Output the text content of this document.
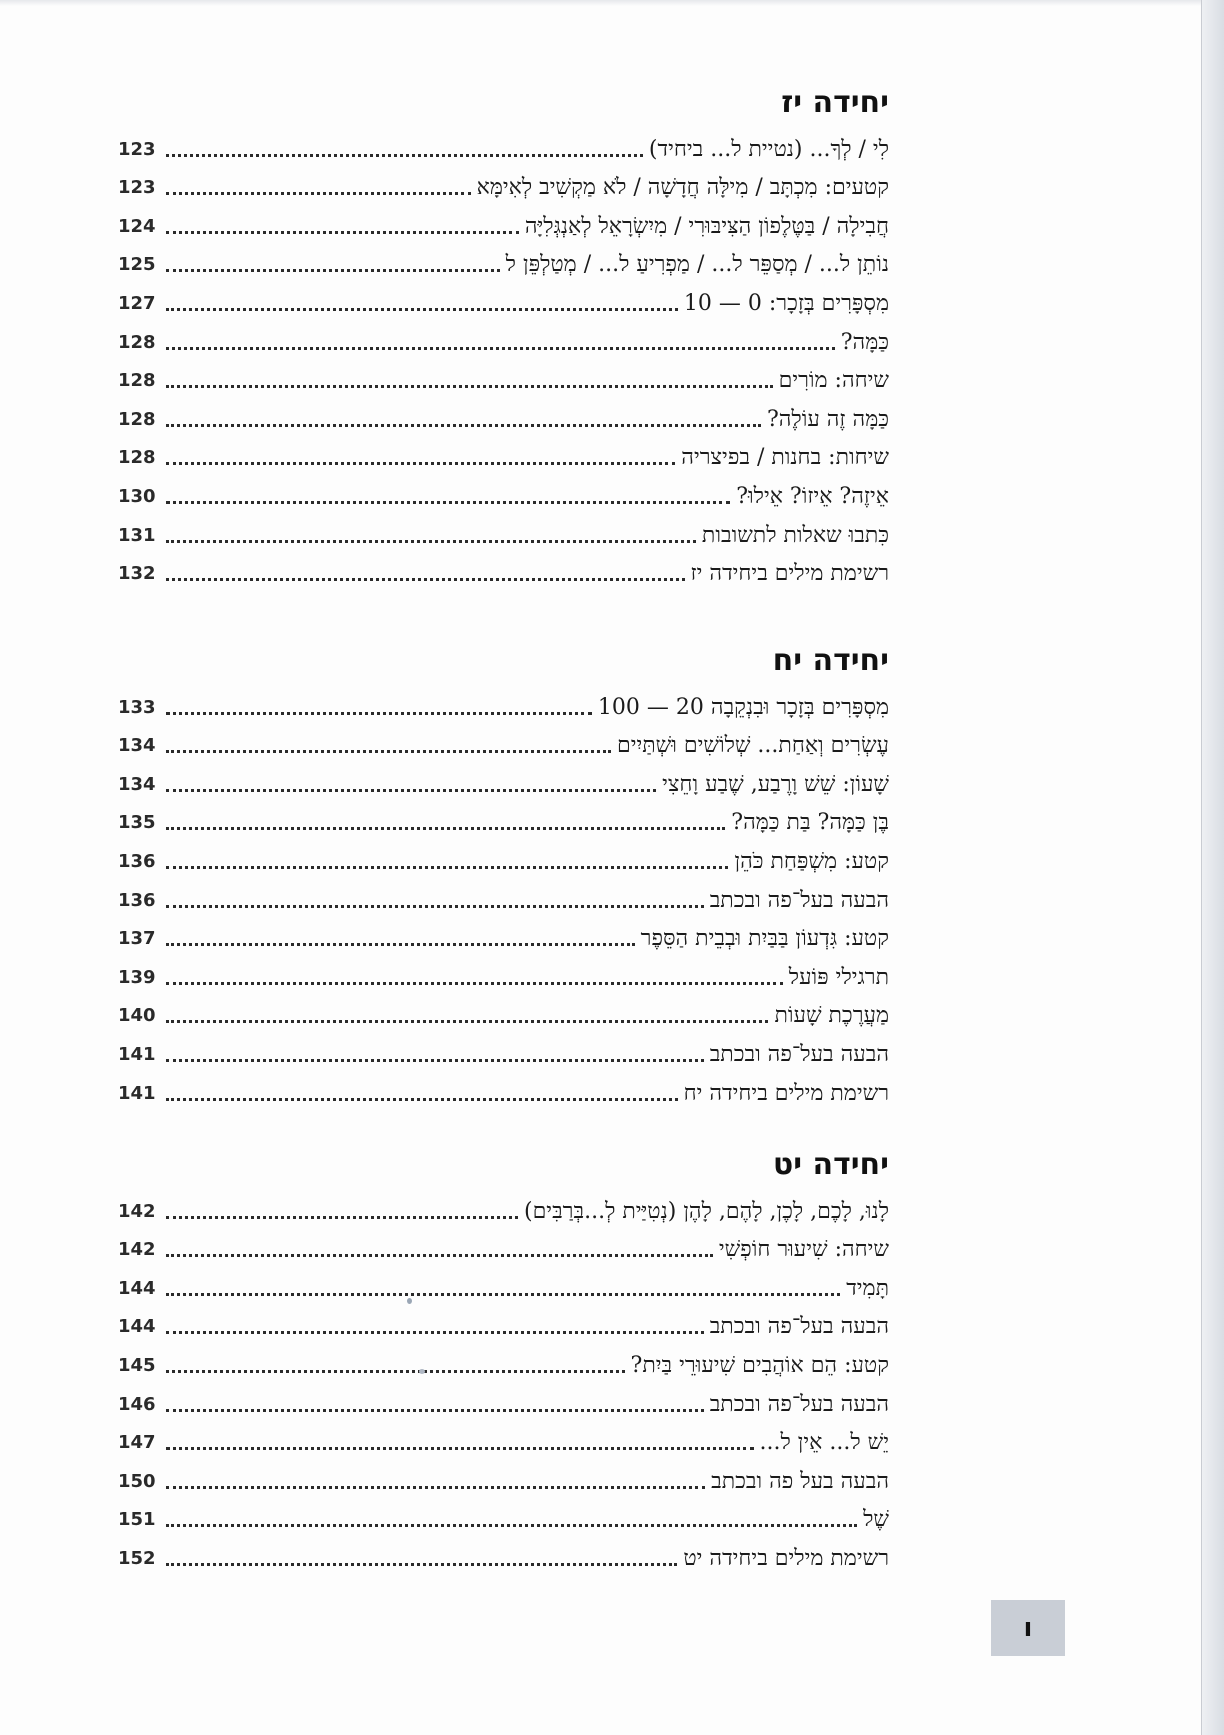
יחידה יז
לִי / לְךָ... (נטיית ל... ביחיד)
123
קטעים: מִכְתָּב / מִילָּה חֲדָשָׁה / לֹא מַקְשִׁיב לְאִימָּא
123
חֲבִילָה / בַּטֶּלֶפוֹן הַצִּיבּוּרִי / מִיִשְׂרָאֵל לְאַנְגְּלִיָּה
124
נוֹתֵן ל... / מְסַפֵּר ל... / מַפְרִיעַ ל... / מְטַלְפֵּן ל
125
מִסְפָּרִים בְּזָכָר: 0 — 10
127
כַּמָּה?
128
שיחה: מוֹרִים
128
כַּמָּה זֶה עוֹלֶה?
128
שיחות: בחנות / בפיצריה
128
אֵיזֶה? אֵיזוֹ? אֵילוּ?
130
כִּתבוּ שאלות לתשובות
131
רשימת מילים ביחידה יז
132
יחידה יח
מִסְפָּרִים בְּזָכָר וּבִנְקֵבָה 20 — 100
133
עֶשְׂרִים וְאַחַת... שְׁלוֹשִׁים וּשְׁתַּיִים
134
שָׁעוֹן: שֵׁשׁ וָרֶבַע, שֶׁבַע וָחֵצִי
134
בֶּן כַּמָּה? בַּת כַּמָּה?
135
קטע: מִשְׁפַּחַת כֹּהֵן
136
הבעה בעל־פה ובכתב
136
קטע: גִּדְעוֹן בַּבַּיִת וּבְבֵית הַסֵּפֶר
137
תרגילי פּוֹעל
139
מַעֲרֶכֶת שָׁעוֹת
140
הבעה בעל־פה ובכתב
141
רשימת מילים ביחידה יח
141
יחידה יט
לָנוּ, לָכֶם, לָכֶן, לָהֶם, לָהֶן (נְטִיַּית לְ...בְּרַבִּים)
142
שיחה: שִׁיעוּר חוֹפְשִׁי
142
תָּמִיד
144
הבעה בעל־פה ובכתב
144
קטע: הֵם אוֹהֲבִים שִׁיעוּרֵי בַּיִת?
145
הבעה בעל־פה ובכתב
146
יֵשׁ ל... אֵין ל...
147
הבעה בעל פה ובכתב
150
שֶׁל
151
רשימת מילים ביחידה יט
152
ו
